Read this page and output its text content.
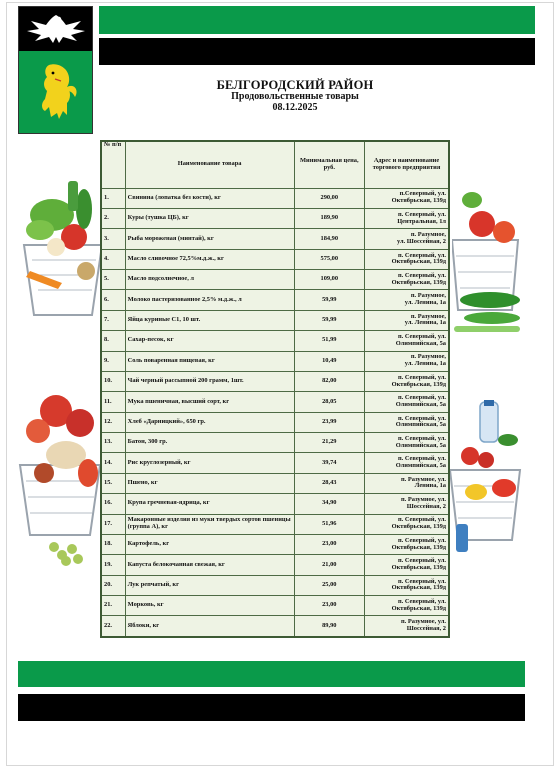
БЕЛГОРОДСКИЙ РАЙОН
Продовольственные товары
08.12.2025
№ п/п	Наименование товара	Минимальная цена, руб.	Адрес и наименование торгового предприятия
1.	Свинина (лопатка без кости), кг	290,00	п.Северный, ул.
Октябрьская, 139д

2.	Куры (тушка ЦБ), кг	189,90	п. Северный, ул.
Центральная, 1л

3.	Рыба мороженая (минтай), кг	184,90	п. Разумное,
ул. Шоссейная, 2

4.	Масло сливочное 72,5%м.д.ж., кг	575,00	п. Северный, ул.
Октябрьская, 139д

5.	Масло подсолнечное, л	109,00	п. Северный, ул.
Октябрьская, 139д

6.	Молоко пастеризованное 2,5% м.д.ж., л	59,99	п. Разумное,
ул. Ленина, 1а

7.	Яйца куриные С1, 10 шт.	59,99	п. Разумное,
ул. Ленина, 1а

8.	Сахар-песок, кг	51,99	п. Северный, ул.
Олимпийская, 5а

9.	Соль поваренная пищевая, кг	10,49	п. Разумное,
ул. Ленина, 1а

10.	Чай черный рассыпной 200 грамм, 1шт.	82,00	п. Северный, ул.
Октябрьская, 139д

11.	Мука пшеничная, высший сорт, кг	28,05	п. Северный, ул.
Олимпийская, 5а

12.	Хлеб «Дарницкий», 650 гр.	23,99	п. Северный, ул.
Олимпийская, 5а

13.	Батон, 300 гр.	21,29	п. Северный, ул.
Олимпийская, 5а

14.	Рис круглозерный, кг	39,74	п. Северный, ул.
Олимпийская, 5а

15.	Пшено, кг	28,43	п. Разумное, ул.
Ленина, 1а

16.	Крупа гречневая-ядрица, кг	34,90	п. Разумное, ул.
Шоссейная, 2

17.	Макаронные изделия из муки твердых сортов пшеницы (группа А), кг	51,96	п. Северный, ул.
Октябрьская, 139д

18.	Картофель, кг	23,00	п. Северный, ул.
Октябрьская, 139д

19.	Капуста белокочанная свежая, кг	21,00	п. Северный, ул.
Октябрьская, 139д

20.	Лук репчатый, кг	25,00	п. Северный, ул.
Октябрьская, 139д

21.	Морковь, кг	23,00	п. Северный, ул.
Октябрьская, 139д

22.	Яблоки, кг	89,90	п. Разумное, ул.
Шоссейная, 2
